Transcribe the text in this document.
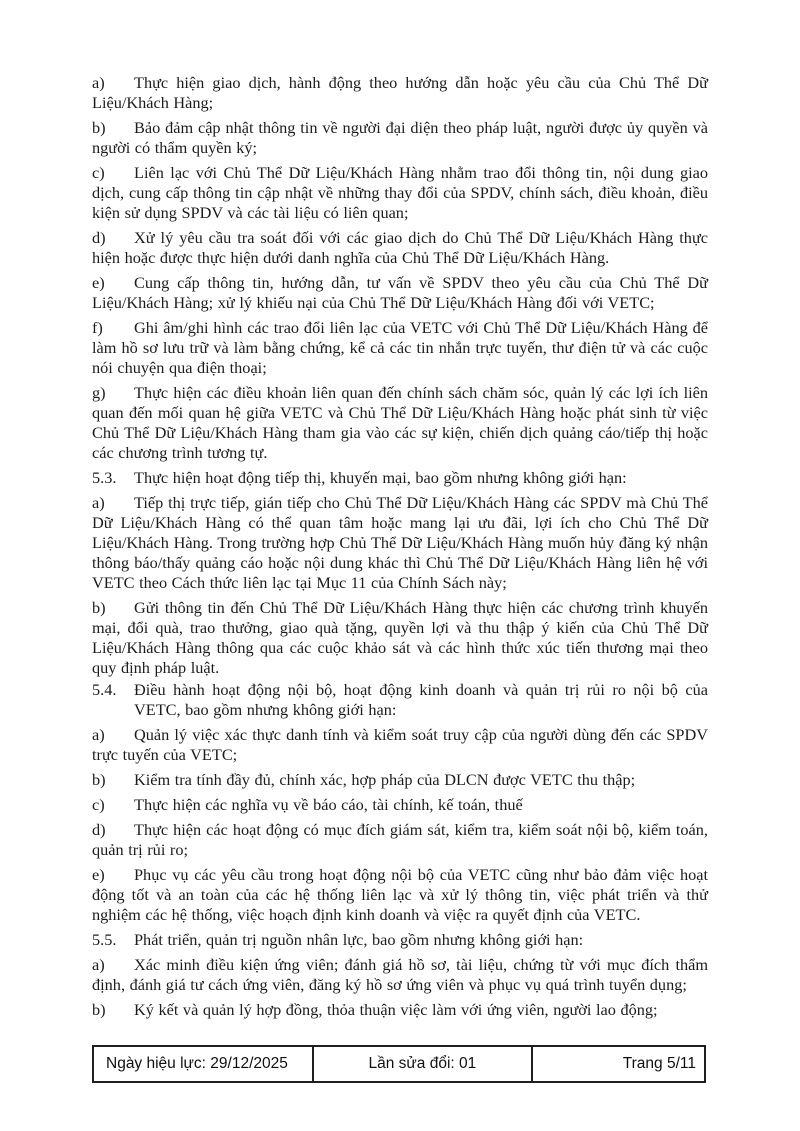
a) Thực hiện giao dịch, hành động theo hướng dẫn hoặc yêu cầu của Chủ Thể Dữ Liệu/Khách Hàng;

b) Bảo đảm cập nhật thông tin về người đại diện theo pháp luật, người được ủy quyền và người có thẩm quyền ký;

c) Liên lạc với Chủ Thể Dữ Liệu/Khách Hàng nhằm trao đổi thông tin, nội dung giao dịch, cung cấp thông tin cập nhật về những thay đổi của SPDV, chính sách, điều khoản, điều kiện sử dụng SPDV và các tài liệu có liên quan;

d) Xử lý yêu cầu tra soát đối với các giao dịch do Chủ Thể Dữ Liệu/Khách Hàng thực hiện hoặc được thực hiện dưới danh nghĩa của Chủ Thể Dữ Liệu/Khách Hàng.

e) Cung cấp thông tin, hướng dẫn, tư vấn về SPDV theo yêu cầu của Chủ Thể Dữ Liệu/Khách Hàng; xử lý khiếu nại của Chủ Thể Dữ Liệu/Khách Hàng đối với VETC;

f) Ghi âm/ghi hình các trao đổi liên lạc của VETC với Chủ Thể Dữ Liệu/Khách Hàng để làm hồ sơ lưu trữ và làm bằng chứng, kể cả các tin nhắn trực tuyến, thư điện tử và các cuộc nói chuyện qua điện thoại;

g) Thực hiện các điều khoản liên quan đến chính sách chăm sóc, quản lý các lợi ích liên quan đến mối quan hệ giữa VETC và Chủ Thể Dữ Liệu/Khách Hàng hoặc phát sinh từ việc Chủ Thể Dữ Liệu/Khách Hàng tham gia vào các sự kiện, chiến dịch quảng cáo/tiếp thị hoặc các chương trình tương tự.

5.3. Thực hiện hoạt động tiếp thị, khuyến mại, bao gồm nhưng không giới hạn:

a) Tiếp thị trực tiếp, gián tiếp cho Chủ Thể Dữ Liệu/Khách Hàng các SPDV mà Chủ Thể Dữ Liệu/Khách Hàng có thể quan tâm hoặc mang lại ưu đãi, lợi ích cho Chủ Thể Dữ Liệu/Khách Hàng. Trong trường hợp Chủ Thể Dữ Liệu/Khách Hàng muốn hủy đăng ký nhận thông báo/thấy quảng cáo hoặc nội dung khác thì Chủ Thể Dữ Liệu/Khách Hàng liên hệ với VETC theo Cách thức liên lạc tại Mục 11 của Chính Sách này;

b) Gửi thông tin đến Chủ Thể Dữ Liệu/Khách Hàng thực hiện các chương trình khuyến mại, đổi quà, trao thưởng, giao quà tặng, quyền lợi và thu thập ý kiến của Chủ Thể Dữ Liệu/Khách Hàng thông qua các cuộc khảo sát và các hình thức xúc tiến thương mại theo quy định pháp luật.

5.4. Điều hành hoạt động nội bộ, hoạt động kinh doanh và quản trị rủi ro nội bộ của VETC, bao gồm nhưng không giới hạn:

a) Quản lý việc xác thực danh tính và kiểm soát truy cập của người dùng đến các SPDV trực tuyến của VETC;

b) Kiểm tra tính đầy đủ, chính xác, hợp pháp của DLCN được VETC thu thập;

c) Thực hiện các nghĩa vụ về báo cáo, tài chính, kế toán, thuế

d) Thực hiện các hoạt động có mục đích giám sát, kiểm tra, kiểm soát nội bộ, kiểm toán, quản trị rủi ro;

e) Phục vụ các yêu cầu trong hoạt động nội bộ của VETC cũng như bảo đảm việc hoạt động tốt và an toàn của các hệ thống liên lạc và xử lý thông tin, việc phát triển và thử nghiệm các hệ thống, việc hoạch định kinh doanh và việc ra quyết định của VETC.

5.5. Phát triển, quản trị nguồn nhân lực, bao gồm nhưng không giới hạn:

a) Xác minh điều kiện ứng viên; đánh giá hồ sơ, tài liệu, chứng từ với mục đích thẩm định, đánh giá tư cách ứng viên, đăng ký hồ sơ ứng viên và phục vụ quá trình tuyển dụng;

b) Ký kết và quản lý hợp đồng, thỏa thuận việc làm với ứng viên, người lao động;

Ngày hiệu lực: 29/12/2025	Lần sửa đổi: 01	Trang 5/11
